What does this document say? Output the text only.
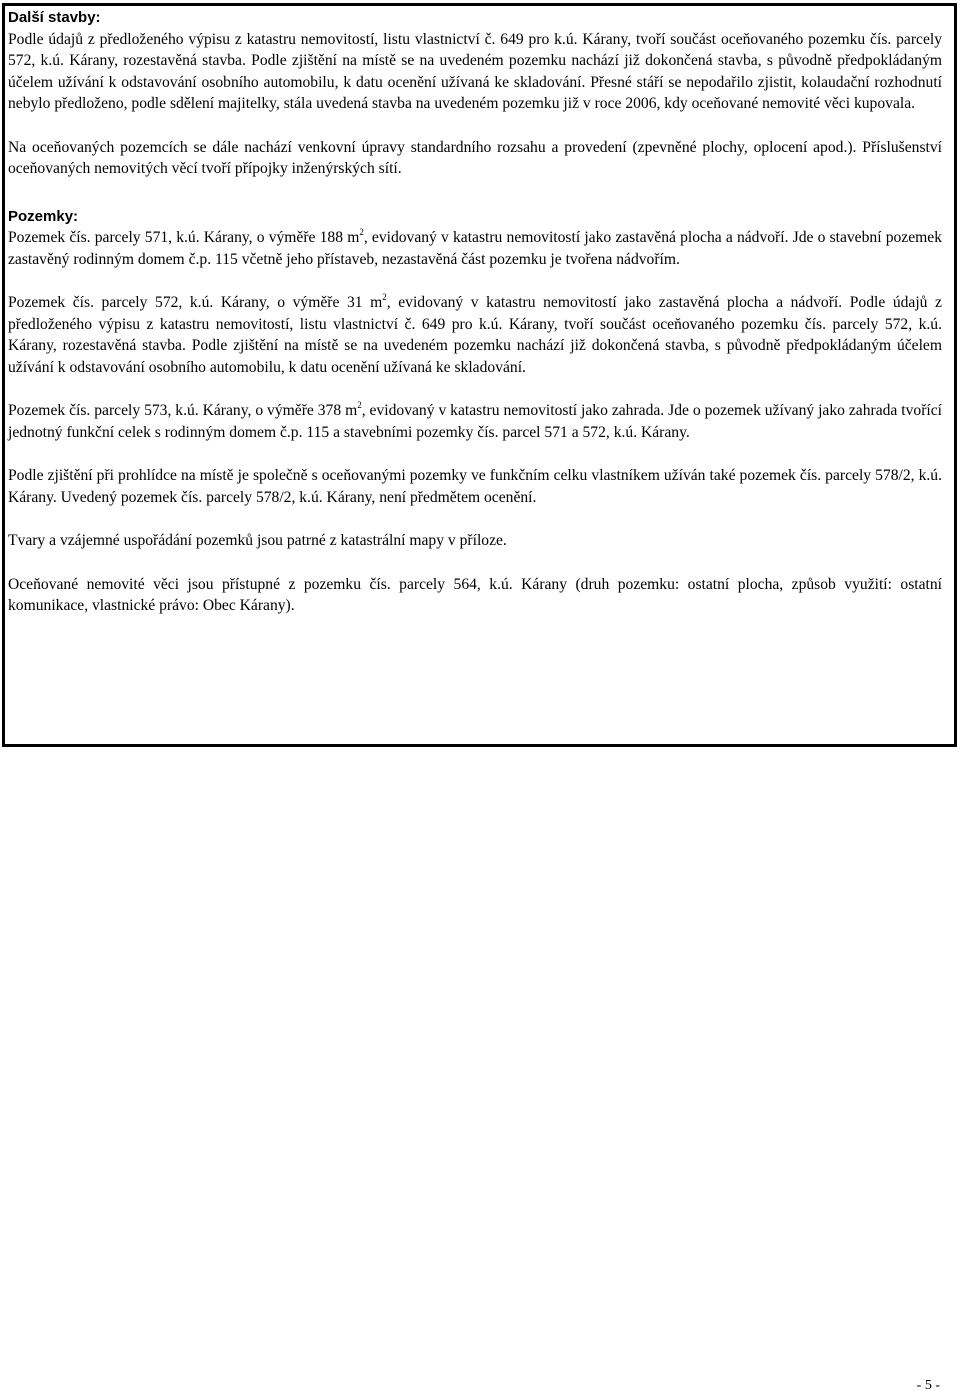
Další stavby:

Podle údajů z předloženého výpisu z katastru nemovitostí, listu vlastnictví č. 649 pro k.ú. Kárany, tvoří součást oceňovaného pozemku čís. parcely 572, k.ú. Kárany, rozestavěná stavba. Podle zjištění na místě se na uvedeném pozemku nachází již dokončená stavba, s původně předpokládaným účelem užívání k odstavování osobního automobilu, k datu ocenění užívaná ke skladování. Přesné stáří se nepodařilo zjistit, kolaudační rozhodnutí nebylo předloženo, podle sdělení majitelky, stála uvedená stavba na uvedeném pozemku již v roce 2006, kdy oceňované nemovité věci kupovala.

Na oceňovaných pozemcích se dále nachází venkovní úpravy standardního rozsahu a provedení (zpevněné plochy, oplocení apod.). Příslušenství oceňovaných nemovitých věcí tvoří přípojky inženýrských sítí.

Pozemky:

Pozemek čís. parcely 571, k.ú. Kárany, o výměře 188 $m^2$, evidovaný v katastru nemovitostí jako zastavěná plocha a nádvoří. Jde o stavební pozemek zastavěný rodinným domem č.p. 115 včetně jeho přístaveb, nezastavěná část pozemku je tvořena nádvořím.

Pozemek čís. parcely 572, k.ú. Kárany, o výměře 31 $m^2$, evidovaný v katastru nemovitostí jako zastavěná plocha a nádvoří. Podle údajů z předloženého výpisu z katastru nemovitostí, listu vlastnictví č. 649 pro k.ú. Kárany, tvoří součást oceňovaného pozemku čís. parcely 572, k.ú. Kárany, rozestavěná stavba. Podle zjištění na místě se na uvedeném pozemku nachází již dokončená stavba, s původně předpokládaným účelem užívání k odstavování osobního automobilu, k datu ocenění užívaná ke skladování.

Pozemek čís. parcely 573, k.ú. Kárany, o výměře 378 $m^2$, evidovaný v katastru nemovitostí jako zahrada. Jde o pozemek užívaný jako zahrada tvořící jednotný funkční celek s rodinným domem č.p. 115 a stavebními pozemky čís. parcel 571 a 572, k.ú. Kárany.

Podle zjištění při prohlídce na místě je společně s oceňovanými pozemky ve funkčním celku vlastníkem užíván také pozemek čís. parcely 578/2, k.ú. Kárany. Uvedený pozemek čís. parcely 578/2, k.ú. Kárany, není předmětem ocenění.

Tvary a vzájemné uspořádání pozemků jsou patrné z katastrální mapy v příloze.

Oceňované nemovité věci jsou přístupné z pozemku čís. parcely 564, k.ú. Kárany (druh pozemku: ostatní plocha, způsob využití: ostatní komunikace, vlastnické právo: Obec Kárany).

- 5 -
